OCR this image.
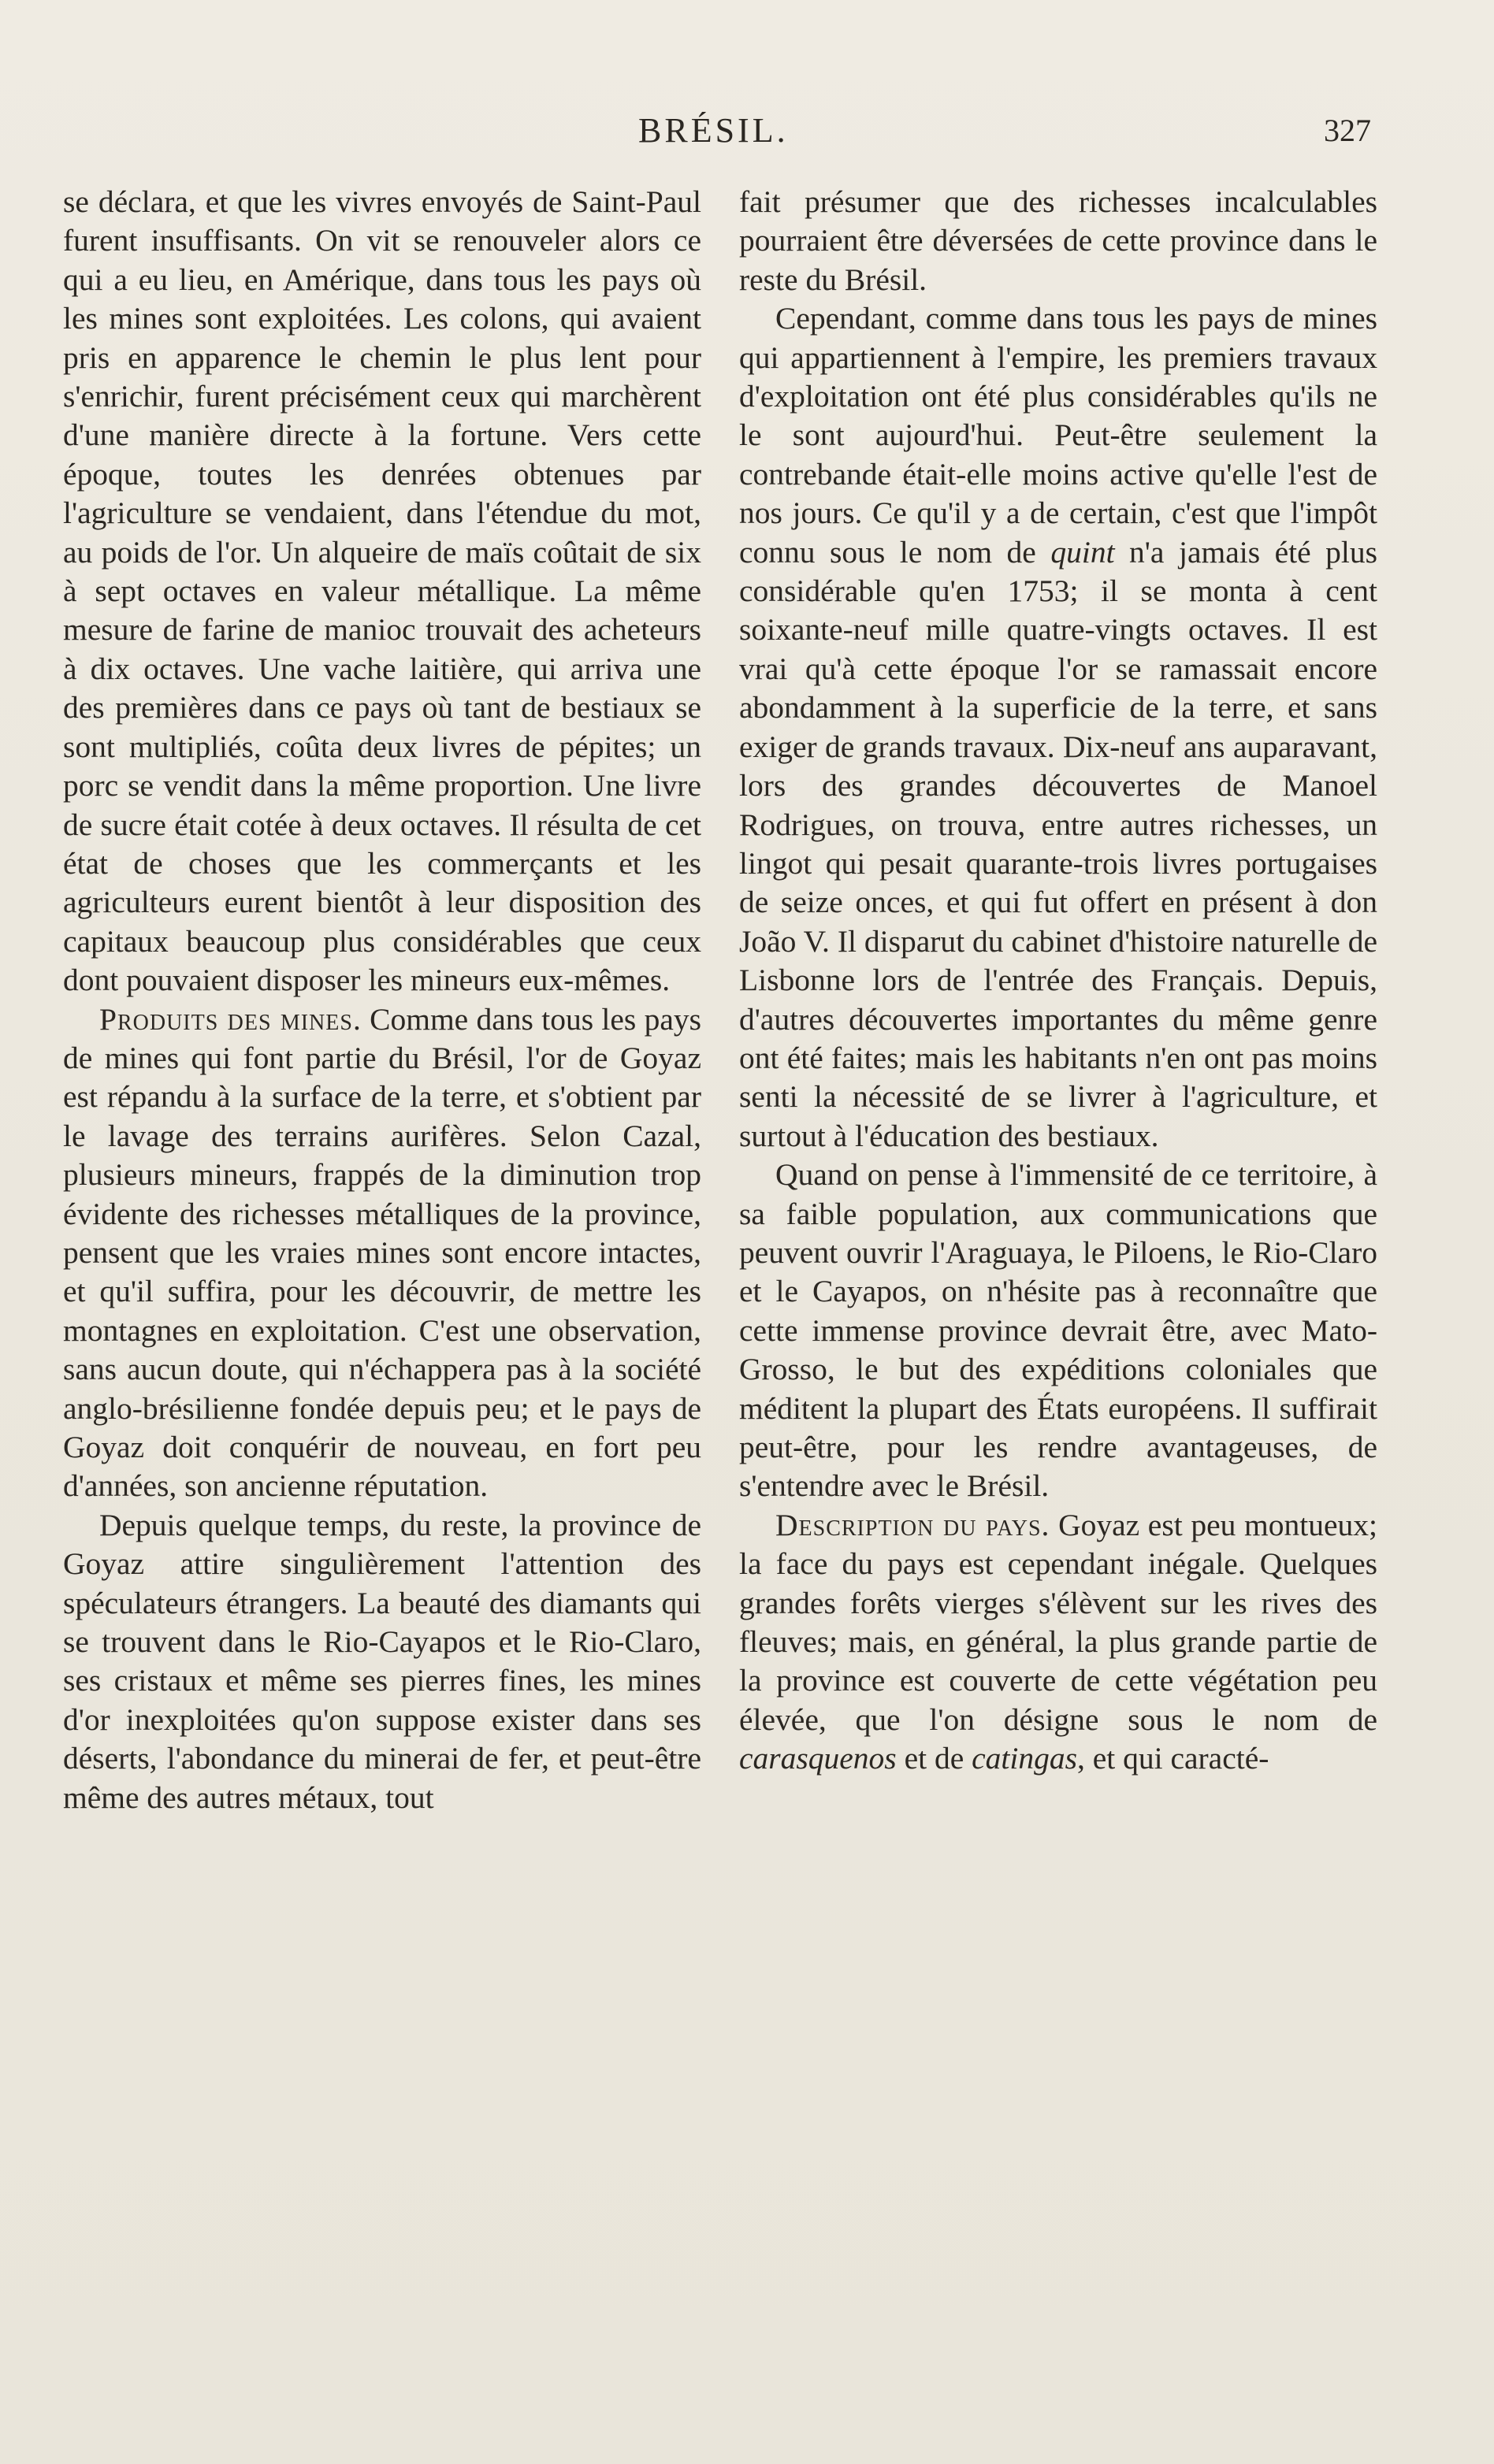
BRÉSIL.	327

se déclara, et que les vivres envoyés de Saint-Paul furent insuffisants. On vit se renouveler alors ce qui a eu lieu, en Amérique, dans tous les pays où les mines sont exploitées. Les colons, qui avaient pris en apparence le chemin le plus lent pour s'enrichir, furent précisément ceux qui marchèrent d'une manière directe à la fortune. Vers cette époque, toutes les denrées obtenues par l'agriculture se vendaient, dans l'étendue du mot, au poids de l'or. Un alqueire de maïs coûtait de six à sept octaves en valeur métallique. La même mesure de farine de manioc trouvait des acheteurs à dix octaves. Une vache laitière, qui arriva une des premières dans ce pays où tant de bestiaux se sont multipliés, coûta deux livres de pépites; un porc se vendit dans la même proportion. Une livre de sucre était cotée à deux octaves. Il résulta de cet état de choses que les commerçants et les agriculteurs eurent bientôt à leur disposition des capitaux beaucoup plus considérables que ceux dont pouvaient disposer les mineurs eux-mêmes.

Produits des mines. Comme dans tous les pays de mines qui font partie du Brésil, l'or de Goyaz est répandu à la surface de la terre, et s'obtient par le lavage des terrains aurifères. Selon Cazal, plusieurs mineurs, frappés de la diminution trop évidente des richesses métalliques de la province, pensent que les vraies mines sont encore intactes, et qu'il suffira, pour les découvrir, de mettre les montagnes en exploitation. C'est une observation, sans aucun doute, qui n'échappera pas à la société anglo-brésilienne fondée depuis peu; et le pays de Goyaz doit conquérir de nouveau, en fort peu d'années, son ancienne réputation.

Depuis quelque temps, du reste, la province de Goyaz attire singulièrement l'attention des spéculateurs étrangers. La beauté des diamants qui se trouvent dans le Rio-Cayapos et le Rio-Claro, ses cristaux et même ses pierres fines, les mines d'or inexploitées qu'on suppose exister dans ses déserts, l'abondance du minerai de fer, et peut-être même des autres métaux, tout

fait présumer que des richesses incalculables pourraient être déversées de cette province dans le reste du Brésil.

Cependant, comme dans tous les pays de mines qui appartiennent à l'empire, les premiers travaux d'exploitation ont été plus considérables qu'ils ne le sont aujourd'hui. Peut-être seulement la contrebande était-elle moins active qu'elle l'est de nos jours. Ce qu'il y a de certain, c'est que l'impôt connu sous le nom de quint n'a jamais été plus considérable qu'en 1753; il se monta à cent soixante-neuf mille quatre-vingts octaves. Il est vrai qu'à cette époque l'or se ramassait encore abondamment à la superficie de la terre, et sans exiger de grands travaux. Dix-neuf ans auparavant, lors des grandes découvertes de Manoel Rodrigues, on trouva, entre autres richesses, un lingot qui pesait quarante-trois livres portugaises de seize onces, et qui fut offert en présent à don João V. Il disparut du cabinet d'histoire naturelle de Lisbonne lors de l'entrée des Français. Depuis, d'autres découvertes importantes du même genre ont été faites; mais les habitants n'en ont pas moins senti la nécessité de se livrer à l'agriculture, et surtout à l'éducation des bestiaux.

Quand on pense à l'immensité de ce territoire, à sa faible population, aux communications que peuvent ouvrir l'Araguaya, le Piloens, le Rio-Claro et le Cayapos, on n'hésite pas à reconnaître que cette immense province devrait être, avec Mato-Grosso, le but des expéditions coloniales que méditent la plupart des États européens. Il suffirait peut-être, pour les rendre avantageuses, de s'entendre avec le Brésil.

Description du pays. Goyaz est peu montueux; la face du pays est cependant inégale. Quelques grandes forêts vierges s'élèvent sur les rives des fleuves; mais, en général, la plus grande partie de la province est couverte de cette végétation peu élevée, que l'on désigne sous le nom de carasquenos et de catingas, et qui caracté-
